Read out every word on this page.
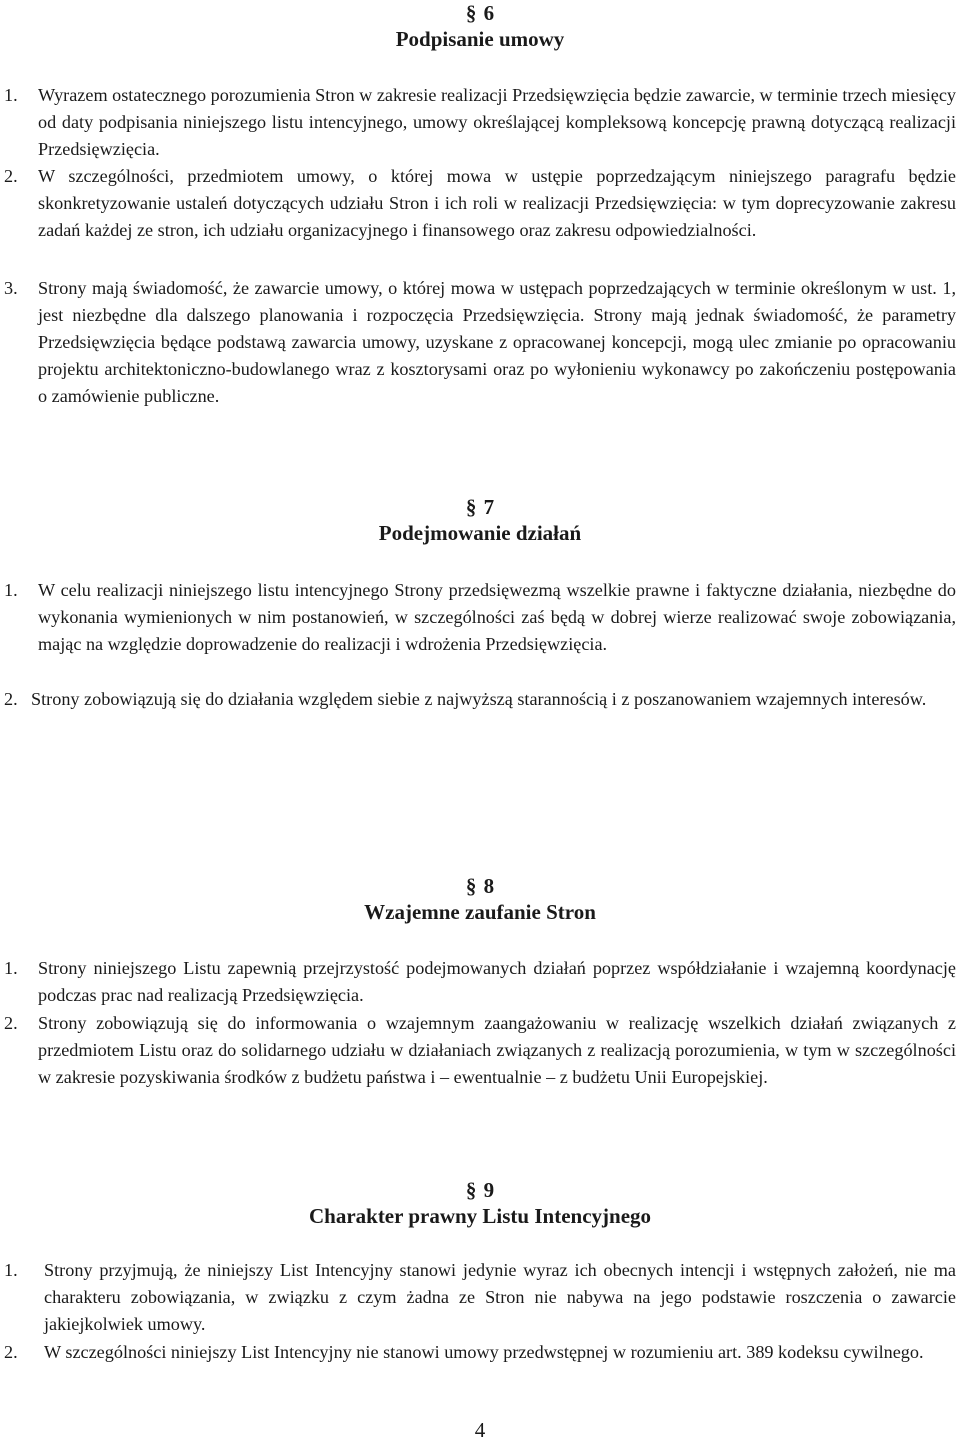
§ 6
Podpisanie umowy
1. Wyrazem ostatecznego porozumienia Stron w zakresie realizacji Przedsięwzięcia będzie zawarcie, w terminie trzech miesięcy od daty podpisania niniejszego listu intencyjnego, umowy określającej kompleksową koncepcję prawną dotyczącą realizacji Przedsięwzięcia.
2. W szczególności, przedmiotem umowy, o której mowa w ustępie poprzedzającym niniejszego paragrafu będzie skonkretyzowanie ustaleń dotyczących udziału Stron i ich roli w realizacji Przedsięwzięcia: w tym doprecyzowanie zakresu zadań każdej ze stron, ich udziału organizacyjnego i finansowego oraz zakresu odpowiedzialności.
3. Strony mają świadomość, że zawarcie umowy, o której mowa w ustępach poprzedzających w terminie określonym w ust. 1, jest niezbędne dla dalszego planowania i rozpoczęcia Przedsięwzięcia. Strony mają jednak świadomość, że parametry Przedsięwzięcia będące podstawą zawarcia umowy, uzyskane z opracowanej koncepcji, mogą ulec zmianie po opracowaniu projektu architektoniczno-budowlanego wraz z kosztorysami oraz po wyłonieniu wykonawcy po zakończeniu postępowania o zamówienie publiczne.
§ 7
Podejmowanie działań
1. W celu realizacji niniejszego listu intencyjnego Strony przedsięwezmą wszelkie prawne i faktyczne działania, niezbędne do wykonania wymienionych w nim postanowień, w szczególności zaś będą w dobrej wierze realizować swoje zobowiązania, mając na względzie doprowadzenie do realizacji i wdrożenia Przedsięwzięcia.
2. Strony zobowiązują się do działania względem siebie z najwyższą starannością i z poszanowaniem wzajemnych interesów.
§ 8
Wzajemne zaufanie Stron
1. Strony niniejszego Listu zapewnią przejrzystość podejmowanych działań poprzez współdziałanie i wzajemną koordynację podczas prac nad realizacją Przedsięwzięcia.
2. Strony zobowiązują się do informowania o wzajemnym zaangażowaniu w realizację wszelkich działań związanych z przedmiotem Listu oraz do solidarnego udziału w działaniach związanych z realizacją porozumienia, w tym w szczególności w zakresie pozyskiwania środków z budżetu państwa i – ewentualnie – z budżetu Unii Europejskiej.
§ 9
Charakter prawny Listu Intencyjnego
1. Strony przyjmują, że niniejszy List Intencyjny stanowi jedynie wyraz ich obecnych intencji i wstępnych założeń, nie ma charakteru zobowiązania, w związku z czym żadna ze Stron nie nabywa na jego podstawie roszczenia o zawarcie jakiejkolwiek umowy.
2. W szczególności niniejszy List Intencyjny nie stanowi umowy przedwstępnej w rozumieniu art. 389 kodeksu cywilnego.
4
